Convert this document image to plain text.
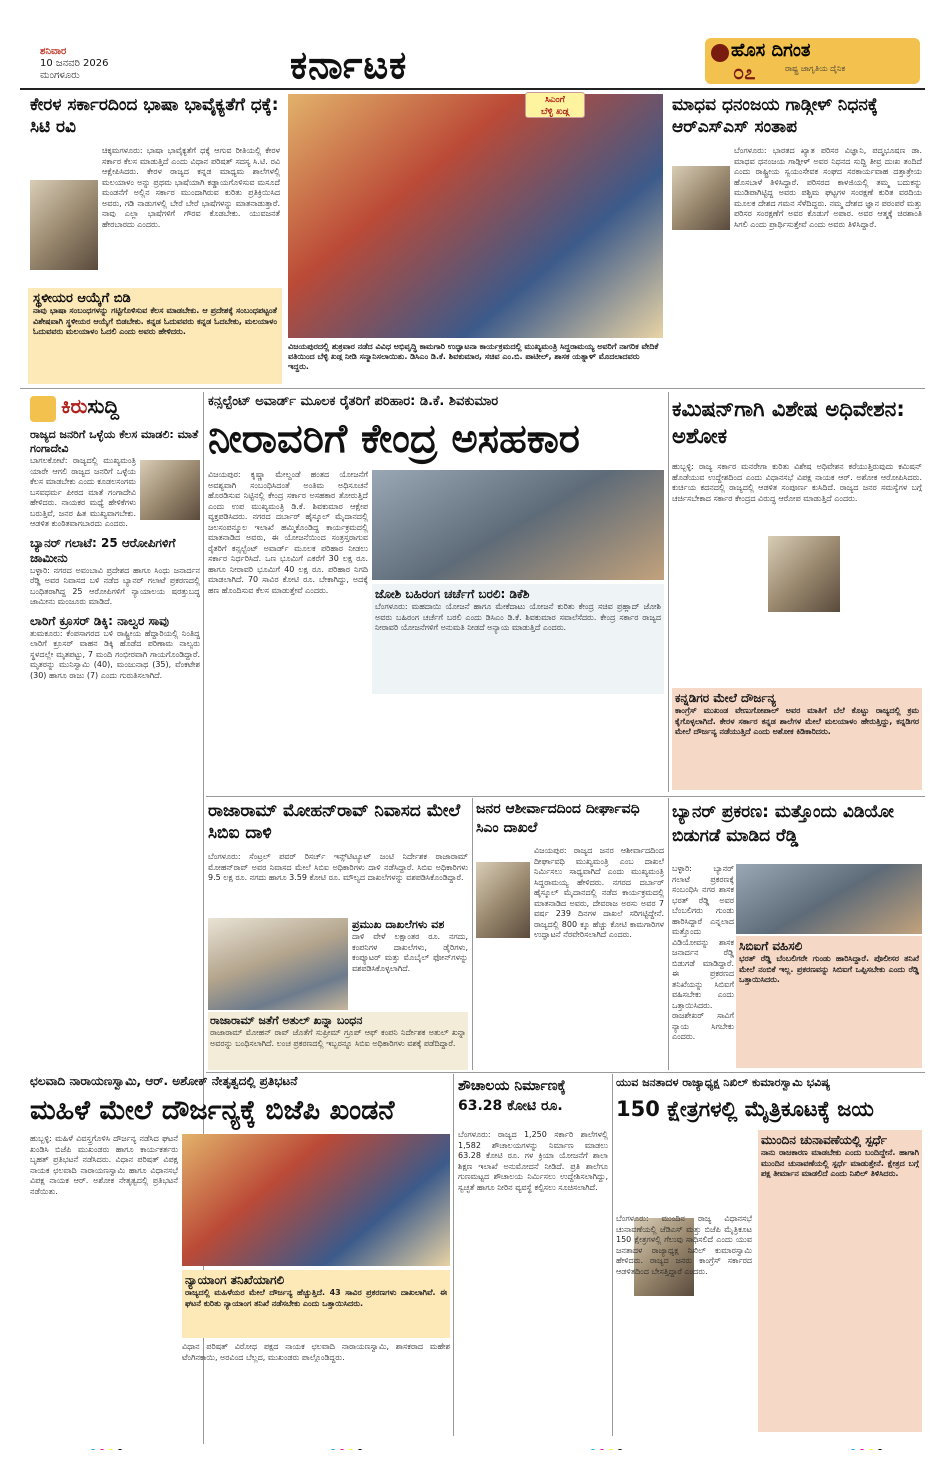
ಶನಿವಾರ
10 ಜನವರಿ 2026
ಮಂಗಳೂರು	ಕರ್ನಾಟಕ	ಹೊಸ ದಿಗಂತ
೦೭	ರಾಷ್ಟ್ರ ಜಾಗೃತಿಯ ದೈನಿಕ
ಕೇರಳ ಸರ್ಕಾರದಿಂದ ಭಾಷಾ ಭಾವೈಕ್ಯತೆಗೆ ಧಕ್ಕೆ: ಸಿಟಿ ರವಿ
ಚಿಕ್ಕಮಗಳೂರು: ಭಾಷಾ ಭಾವೈಕ್ಯತೆಗೆ ಧಕ್ಕೆ ಆಗುವ ರೀತಿಯಲ್ಲಿ ಕೇರಳ ಸರ್ಕಾರ ಕೆಲಸ ಮಾಡುತ್ತಿದೆ ಎಂದು ವಿಧಾನ ಪರಿಷತ್ ಸದಸ್ಯ ಸಿ.ಟಿ. ರವಿ ಆಕ್ಷೇಪಿಸಿದರು. ಕೇರಳ ರಾಜ್ಯದ ಕನ್ನಡ ಮಾಧ್ಯಮ ಶಾಲೆಗಳಲ್ಲಿ ಮಲಯಾಳಂ ಅನ್ನು ಪ್ರಥಮ ಭಾಷೆಯಾಗಿ ಕಡ್ಡಾಯಗೊಳಿಸುವ ಮಸೂದೆ ಮಂಡನೆಗೆ ಅಲ್ಲಿನ ಸರ್ಕಾರ ಮುಂದಾಗಿರುವ ಕುರಿತು ಪ್ರತಿಕ್ರಿಯಿಸಿದ ಅವರು, ಗಡಿ ನಾಡುಗಳಲ್ಲಿ ಬೇರೆ ಬೇರೆ ಭಾಷೆಗಳನ್ನು ಮಾತನಾಡುತ್ತಾರೆ. ನಾವು ಎಲ್ಲಾ ಭಾಷೆಗಳಿಗೆ ಗೌರವ ಕೊಡಬೇಕು. ಯುವಜನತೆ ಹೇರಬಾರದು ಎಂದರು.
ಸ್ಥಳೀಯರ ಆಯ್ಕೆಗೆ ಬಿಡಿ
ನಾವು ಭಾಷಾ ಸಂಬಂಧಗಳನ್ನು ಗಟ್ಟಿಗೊಳಿಸುವ ಕೆಲಸ ಮಾಡಬೇಕು. ಆ ಪ್ರದೇಶಕ್ಕೆ ಸಂಬಂಧಪಟ್ಟಂತೆ ವಿಶೇಷವಾಗಿ ಸ್ಥಳೀಯರ ಆಯ್ಕೆಗೆ ಬಿಡಬೇಕು. ಕನ್ನಡ ಓದುವವರು ಕನ್ನಡ ಓದಬೇಕು, ಮಲಯಾಳಂ ಓದುವವರು ಮಲಯಾಳಂ ಓದಲಿ ಎಂದು ಅವರು ಹೇಳಿದರು.
ಸಿಎಂಗೆ
ಬೆಳ್ಳಿ ಖಡ್ಗ
ವಿಜಯಪುರದಲ್ಲಿ ಶುಕ್ರವಾರ ನಡೆದ ವಿವಿಧ ಅಭಿವೃದ್ಧಿ ಕಾಮಗಾರಿ ಉದ್ಘಾಟನಾ ಕಾರ್ಯಕ್ರಮದಲ್ಲಿ ಮುಖ್ಯಮಂತ್ರಿ ಸಿದ್ದರಾಮಯ್ಯ ಅವರಿಗೆ ನಾಗರಿಕ ವೇದಿಕೆ ವತಿಯಿಂದ ಬೆಳ್ಳಿ ಖಡ್ಗ ನೀಡಿ ಸನ್ಮಾನಿಸಲಾಯಿತು. ಡಿಸಿಎಂ ಡಿ.ಕೆ. ಶಿವಕುಮಾರ, ಸಚಿವ ಎಂ.ಬಿ. ಪಾಟೀಲ್, ಶಾಸಕ ಯತ್ನಾಳ್ ಮೊದಲಾದವರು ಇದ್ದರು.
ಮಾಧವ ಧನಂಜಯ ಗಾಡ್ಗೀಳ್ ನಿಧನಕ್ಕೆ ಆರ್‌ಎಸ್‌ಎಸ್ ಸಂತಾಪ
ಬೆಂಗಳೂರು: ಭಾರತದ ಖ್ಯಾತ ಪರಿಸರ ವಿಜ್ಞಾನಿ, ಪದ್ಮಭೂಷಣ ಡಾ. ಮಾಧವ ಧನಂಜಯ ಗಾಡ್ಗೀಳ್ ಅವರ ನಿಧನದ ಸುದ್ದಿ ತೀವ್ರ ದುಃಖ ತಂದಿದೆ ಎಂದು ರಾಷ್ಟ್ರೀಯ ಸ್ವಯಂಸೇವಕ ಸಂಘದ ಸರಕಾರ್ಯವಾಹ ದತ್ತಾತ್ರೇಯ ಹೊಸಬಾಳೆ ತಿಳಿಸಿದ್ದಾರೆ. ಪರಿಸರದ ಕಾಳಜಿಯಲ್ಲಿ ತಮ್ಮ ಬದುಕನ್ನು ಮುಡಿಪಾಗಿಟ್ಟಿದ್ದ ಅವರು ಪಶ್ಚಿಮ ಘಟ್ಟಗಳ ಸಂರಕ್ಷಣೆ ಕುರಿತ ವರದಿಯ ಮೂಲಕ ದೇಶದ ಗಮನ ಸೆಳೆದಿದ್ದರು. ನಮ್ಮ ದೇಶದ ಜ್ಞಾನ ಪರಂಪರೆ ಮತ್ತು ಪರಿಸರ ಸಂರಕ್ಷಣೆಗೆ ಅವರ ಕೊಡುಗೆ ಅಪಾರ. ಅವರ ಆತ್ಮಕ್ಕೆ ಚಿರಶಾಂತಿ ಸಿಗಲಿ ಎಂದು ಪ್ರಾರ್ಥಿಸುತ್ತೇವೆ ಎಂದು ಅವರು ತಿಳಿಸಿದ್ದಾರೆ.
ಕಿರುಸುದ್ದಿ
ರಾಜ್ಯದ ಜನರಿಗೆ ಒಳ್ಳೆಯ ಕೆಲಸ ಮಾಡಲಿ: ಮಾತೆ ಗಂಗಾದೇವಿ
ಬಾಗಲಕೋಟೆ: ರಾಜ್ಯದಲ್ಲಿ ಮುಖ್ಯಮಂತ್ರಿ ಯಾರೇ ಆಗಲಿ ರಾಜ್ಯದ ಜನರಿಗೆ ಒಳ್ಳೆಯ ಕೆಲಸ ಮಾಡಬೇಕು ಎಂದು ಕೂಡಲಸಂಗಮ ಬಸವಧರ್ಮ ಪೀಠದ ಮಾತೆ ಗಂಗಾದೇವಿ ಹೇಳಿದರು. ನಾಯಕರ ಮಧ್ಯೆ ಹೇಳಿಕೆಗಳು ಬರುತ್ತಿವೆ, ಜನರ ಹಿತ ಮುಖ್ಯವಾಗಬೇಕು. ಆಡಳಿತ ಕುಂಠಿತವಾಗಬಾರದು ಎಂದರು.
ಬ್ಯಾನರ್ ಗಲಾಟೆ: 25 ಆರೋಪಿಗಳಿಗೆ ಜಾಮೀನು
ಬಳ್ಳಾರಿ: ನಗರದ ಅವಂಬಾವಿ ಪ್ರದೇಶದ ಹಾಗೂ ಸಿಂಧು ಜನಾರ್ದನ ರೆಡ್ಡಿ ಅವರ ನಿವಾಸದ ಬಳಿ ನಡೆದ ಬ್ಯಾನರ್ ಗಲಾಟೆ ಪ್ರಕರಣದಲ್ಲಿ ಬಂಧಿತರಾಗಿದ್ದ 25 ಆರೋಪಿಗಳಿಗೆ ನ್ಯಾಯಾಲಯ ಷರತ್ತುಬದ್ಧ ಜಾಮೀನು ಮಂಜೂರು ಮಾಡಿದೆ.
ಲಾರಿಗೆ ಕ್ರೂಸರ್ ಡಿಕ್ಕಿ: ನಾಲ್ವರ ಸಾವು
ತುಮಕೂರು: ಕೆಂಪಸಾಗರದ ಬಳಿ ರಾಷ್ಟ್ರೀಯ ಹೆದ್ದಾರಿಯಲ್ಲಿ ನಿಂತಿದ್ದ ಲಾರಿಗೆ ಕ್ರೂಸರ್ ವಾಹನ ಡಿಕ್ಕಿ ಹೊಡೆದ ಪರಿಣಾಮ ನಾಲ್ವರು ಸ್ಥಳದಲ್ಲೇ ಮೃತಪಟ್ಟು, 7 ಮಂದಿ ಗಂಭೀರವಾಗಿ ಗಾಯಗೊಂಡಿದ್ದಾರೆ. ಮೃತರನ್ನು ಮುನಿಸ್ವಾಮಿ (40), ಮಂಜುನಾಥ (35), ವೆಂಕಟೇಶ (30) ಹಾಗೂ ರಾಜು (7) ಎಂದು ಗುರುತಿಸಲಾಗಿದೆ.
ಕನ್ಸಲ್ಟೆಂಟ್ ಅವಾರ್ಡ್ ಮೂಲಕ ರೈತರಿಗೆ ಪರಿಹಾರ: ಡಿ.ಕೆ. ಶಿವಕುಮಾರ
ನೀರಾವರಿಗೆ ಕೇಂದ್ರ ಅಸಹಕಾರ
ವಿಜಯಪುರ: ಕೃಷ್ಣಾ ಮೇಲ್ದಂಡೆ ಹಂತದ ಯೋಜನೆಗೆ ಅವಶ್ಯವಾಗಿ ಸಂಬಂಧಿಸಿದಂತೆ ಅಂತಿಮ ಅಧಿಸೂಚನೆ ಹೊರಡಿಸುವ ನಿಟ್ಟಿನಲ್ಲಿ ಕೇಂದ್ರ ಸರ್ಕಾರ ಅಸಹಕಾರ ತೋರುತ್ತಿದೆ ಎಂದು ಉಪ ಮುಖ್ಯಮಂತ್ರಿ ಡಿ.ಕೆ. ಶಿವಕುಮಾರ ಆಕ್ಷೇಪ ವ್ಯಕ್ತಪಡಿಸಿದರು. ನಗರದ ದರ್ಬಾರ್ ಹೈಸ್ಕೂಲ್ ಮೈದಾನದಲ್ಲಿ ಜಲಸಂಪನ್ಮೂಲ ಇಲಾಖೆ ಹಮ್ಮಿಕೊಂಡಿದ್ದ ಕಾರ್ಯಕ್ರಮದಲ್ಲಿ ಮಾತನಾಡಿದ ಅವರು, ಈ ಯೋಜನೆಯಿಂದ ಸಂತ್ರಸ್ತರಾಗುವ ರೈತರಿಗೆ ಕನ್ಸಲ್ಟೆಂಟ್ ಅವಾರ್ಡ್ ಮೂಲಕ ಪರಿಹಾರ ನೀಡಲು ಸರ್ಕಾರ ನಿರ್ಧರಿಸಿದೆ. ಒಣ ಭೂಮಿಗೆ ಎಕರೆಗೆ 30 ಲಕ್ಷ ರೂ. ಹಾಗೂ ನೀರಾವರಿ ಭೂಮಿಗೆ 40 ಲಕ್ಷ ರೂ. ಪರಿಹಾರ ನಿಗದಿ ಮಾಡಲಾಗಿದೆ. 70 ಸಾವಿರ ಕೋಟಿ ರೂ. ಬೇಕಾಗಿದ್ದು, ಅದಕ್ಕೆ ಹಣ ಹೊಂದಿಸುವ ಕೆಲಸ ಮಾಡುತ್ತೇವೆ ಎಂದರು.	ಜೋಶಿ ಬಹಿರಂಗ ಚರ್ಚೆಗೆ ಬರಲಿ: ಡಿಕೆಶಿ
ಬೆಂಗಳೂರು: ಮಹದಾಯಿ ಯೋಜನೆ ಹಾಗೂ ಮೇಕೆದಾಟು ಯೋಜನೆ ಕುರಿತು ಕೇಂದ್ರ ಸಚಿವ ಪ್ರಹ್ಲಾದ್ ಜೋಶಿ ಅವರು ಬಹಿರಂಗ ಚರ್ಚೆಗೆ ಬರಲಿ ಎಂದು ಡಿಸಿಎಂ ಡಿ.ಕೆ. ಶಿವಕುಮಾರ ಸವಾಲೆಸೆದರು. ಕೇಂದ್ರ ಸರ್ಕಾರ ರಾಜ್ಯದ ನೀರಾವರಿ ಯೋಜನೆಗಳಿಗೆ ಅನುಮತಿ ನೀಡದೆ ಅನ್ಯಾಯ ಮಾಡುತ್ತಿದೆ ಎಂದರು.
ಕಮಿಷನ್‌ಗಾಗಿ ವಿಶೇಷ ಅಧಿವೇಶನ: ಅಶೋಕ
ಹುಬ್ಬಳ್ಳಿ: ರಾಜ್ಯ ಸರ್ಕಾರ ಮನರೇಗಾ ಕುರಿತು ವಿಶೇಷ ಅಧಿವೇಶನ ಕರೆಯುತ್ತಿರುವುದು ಕಮಿಷನ್ ಹೊಡೆಯುವ ಉದ್ದೇಶದಿಂದ ಎಂದು ವಿಧಾನಸಭೆ ವಿಪಕ್ಷ ನಾಯಕ ಆರ್. ಅಶೋಕ ಆರೋಪಿಸಿದರು. ಕುರ್ಚಿಯ ಕದನದಲ್ಲಿ ರಾಜ್ಯದಲ್ಲಿ ಆಡಳಿತ ಸಂಪೂರ್ಣ ಕುಸಿದಿದೆ. ರಾಜ್ಯದ ಜನರ ಸಮಸ್ಯೆಗಳ ಬಗ್ಗೆ ಚರ್ಚಿಸಬೇಕಾದ ಸರ್ಕಾರ ಕೇಂದ್ರದ ವಿರುದ್ಧ ಆರೋಪ ಮಾಡುತ್ತಿದೆ ಎಂದರು.
ಕನ್ನಡಿಗರ ಮೇಲೆ ದೌರ್ಜನ್ಯ
ಕಾಂಗ್ರೆಸ್ ಮುಖಂಡ ವೇಣುಗೋಪಾಲ್ ಅವರ ಮಾತಿಗೆ ಬೆಲೆ ಕೊಟ್ಟು ರಾಜ್ಯದಲ್ಲಿ ಕ್ರಮ ಕೈಗೊಳ್ಳಲಾಗಿದೆ. ಕೇರಳ ಸರ್ಕಾರ ಕನ್ನಡ ಶಾಲೆಗಳ ಮೇಲೆ ಮಲಯಾಳಂ ಹೇರುತ್ತಿದ್ದು, ಕನ್ನಡಿಗರ ಮೇಲೆ ದೌರ್ಜನ್ಯ ನಡೆಯುತ್ತಿದೆ ಎಂದು ಅಶೋಕ ಕಿಡಿಕಾರಿದರು.
ರಾಜಾರಾಮ್ ಮೋಹನ್‌ರಾವ್ ನಿವಾಸದ ಮೇಲೆ ಸಿಬಿಐ ದಾಳಿ
ಬೆಂಗಳೂರು: ಸೆಂಟ್ರಲ್ ಪವರ್ ರಿಸರ್ಚ್ ಇನ್ಸ್‌ಟಿಟ್ಯೂಟ್ ಜಂಟಿ ನಿರ್ದೇಶಕ ರಾಜಾರಾಮ್ ಮೋಹನ್‌ರಾವ್ ಅವರ ನಿವಾಸದ ಮೇಲೆ ಸಿಬಿಐ ಅಧಿಕಾರಿಗಳು ದಾಳಿ ನಡೆಸಿದ್ದಾರೆ. ಸಿಬಿಐ ಅಧಿಕಾರಿಗಳು 9.5 ಲಕ್ಷ ರೂ. ನಗದು ಹಾಗೂ 3.59 ಕೋಟಿ ರೂ. ಮೌಲ್ಯದ ದಾಖಲೆಗಳನ್ನು ವಶಪಡಿಸಿಕೊಂಡಿದ್ದಾರೆ.
ಪ್ರಮುಖ ದಾಖಲೆಗಳು ವಶ
ದಾಳಿ ವೇಳೆ ಲಕ್ಷಾಂತರ ರೂ. ನಗದು, ಕಂಪನಿಗಳ ದಾಖಲೆಗಳು, ಡೈರಿಗಳು, ಕಂಪ್ಯೂಟರ್ ಮತ್ತು ಮೊಬೈಲ್ ಫೋನ್‌ಗಳನ್ನು ವಶಪಡಿಸಿಕೊಳ್ಳಲಾಗಿದೆ.
ರಾಜಾರಾಮ್ ಜತೆಗೆ ಅತುಲ್ ಖನ್ನಾ ಬಂಧನ
ರಾಜಾರಾಮ್ ಮೋಹನ್ ರಾವ್ ಜೊತೆಗೆ ಸುಪ್ರೀಮ್ ಗ್ರೂಪ್ ಆಫ್ ಕಂಪನಿ ನಿರ್ದೇಶಕ ಅತುಲ್ ಖನ್ನಾ ಅವರನ್ನು ಬಂಧಿಸಲಾಗಿದೆ. ಲಂಚ ಪ್ರಕರಣದಲ್ಲಿ ಇಬ್ಬರನ್ನೂ ಸಿಬಿಐ ಅಧಿಕಾರಿಗಳು ವಶಕ್ಕೆ ಪಡೆದಿದ್ದಾರೆ.
ಜನರ ಆಶೀರ್ವಾದದಿಂದ ದೀರ್ಘಾವಧಿ ಸಿಎಂ ದಾಖಲೆ
ವಿಜಯಪುರ: ರಾಜ್ಯದ ಜನರ ಆಶೀರ್ವಾದದಿಂದ ದೀರ್ಘಾವಧಿ ಮುಖ್ಯಮಂತ್ರಿ ಎಂಬ ದಾಖಲೆ ನಿರ್ಮಿಸಲು ಸಾಧ್ಯವಾಗಿದೆ ಎಂದು ಮುಖ್ಯಮಂತ್ರಿ ಸಿದ್ದರಾಮಯ್ಯ ಹೇಳಿದರು. ನಗರದ ದರ್ಬಾರ್ ಹೈಸ್ಕೂಲ್ ಮೈದಾನದಲ್ಲಿ ನಡೆದ ಕಾರ್ಯಕ್ರಮದಲ್ಲಿ ಮಾತನಾಡಿದ ಅವರು, ದೇವರಾಜ ಅರಸು ಅವರ 7 ವರ್ಷ 239 ದಿನಗಳ ದಾಖಲೆ ಸರಿಗಟ್ಟಿದ್ದೇನೆ. ರಾಜ್ಯದಲ್ಲಿ 800 ಕ್ಕೂ ಹೆಚ್ಚು ಕೋಟಿ ಕಾಮಗಾರಿಗಳ ಉದ್ಘಾಟನೆ ನೆರವೇರಿಸಲಾಗಿದೆ ಎಂದರು.
ಬ್ಯಾನರ್ ಪ್ರಕರಣ: ಮತ್ತೊಂದು ವಿಡಿಯೋ ಬಿಡುಗಡೆ ಮಾಡಿದ ರೆಡ್ಡಿ
ಬಳ್ಳಾರಿ: ಬ್ಯಾನರ್ ಗಲಾಟೆ ಪ್ರಕರಣಕ್ಕೆ ಸಂಬಂಧಿಸಿ ನಗರ ಶಾಸಕ ಭರತ್ ರೆಡ್ಡಿ ಅವರ ಬೆಂಬಲಿಗರು ಗುಂಡು ಹಾರಿಸಿದ್ದಾರೆ ಎನ್ನಲಾದ ಮತ್ತೊಂದು ವಿಡಿಯೋವನ್ನು ಶಾಸಕ ಜನಾರ್ದನ ರೆಡ್ಡಿ ಬಿಡುಗಡೆ ಮಾಡಿದ್ದಾರೆ. ಈ ಪ್ರಕರಣದ ತನಿಖೆಯನ್ನು ಸಿಬಿಐಗೆ ವಹಿಸಬೇಕು ಎಂದು ಒತ್ತಾಯಿಸಿದರು. ರಾಜಶೇಖರ್ ಸಾವಿಗೆ ನ್ಯಾಯ ಸಿಗಬೇಕು ಎಂದರು.
ಸಿಬಿಐಗೆ ವಹಿಸಲಿ
ಭರತ್ ರೆಡ್ಡಿ ಬೆಂಬಲಿಗರೇ ಗುಂಡು ಹಾರಿಸಿದ್ದಾರೆ. ಪೊಲೀಸರ ತನಿಖೆ ಮೇಲೆ ನಂಬಿಕೆ ಇಲ್ಲ. ಪ್ರಕರಣವನ್ನು ಸಿಬಿಐಗೆ ಒಪ್ಪಿಸಬೇಕು ಎಂದು ರೆಡ್ಡಿ ಒತ್ತಾಯಿಸಿದರು.
ಛಲವಾದಿ ನಾರಾಯಣಸ್ವಾಮಿ, ಆರ್. ಅಶೋಕ್ ನೇತೃತ್ವದಲ್ಲಿ ಪ್ರತಿಭಟನೆ
ಮಹಿಳೆ ಮೇಲೆ ದೌರ್ಜನ್ಯಕ್ಕೆ ಬಿಜೆಪಿ ಖಂಡನೆ
ಹುಬ್ಬಳ್ಳಿ: ಮಹಿಳೆ ವಿವಸ್ತ್ರಗೊಳಿಸಿ ದೌರ್ಜನ್ಯ ನಡೆಸಿದ ಘಟನೆ ಖಂಡಿಸಿ ಬಿಜೆಪಿ ಮುಖಂಡರು ಹಾಗೂ ಕಾರ್ಯಕರ್ತರು ಬೃಹತ್ ಪ್ರತಿಭಟನೆ ನಡೆಸಿದರು. ವಿಧಾನ ಪರಿಷತ್ ವಿಪಕ್ಷ ನಾಯಕ ಛಲವಾದಿ ನಾರಾಯಣಸ್ವಾಮಿ ಹಾಗೂ ವಿಧಾನಸಭೆ ವಿಪಕ್ಷ ನಾಯಕ ಆರ್. ಅಶೋಕ ನೇತೃತ್ವದಲ್ಲಿ ಪ್ರತಿಭಟನೆ ನಡೆಯಿತು.
ನ್ಯಾಯಾಂಗ ತನಿಖೆಯಾಗಲಿ
ರಾಜ್ಯದಲ್ಲಿ ಮಹಿಳೆಯರ ಮೇಲೆ ದೌರ್ಜನ್ಯ ಹೆಚ್ಚುತ್ತಿದೆ. 43 ಸಾವಿರ ಪ್ರಕರಣಗಳು ದಾಖಲಾಗಿವೆ. ಈ ಘಟನೆ ಕುರಿತು ನ್ಯಾಯಾಂಗ ತನಿಖೆ ನಡೆಸಬೇಕು ಎಂದು ಒತ್ತಾಯಿಸಿದರು.
ವಿಧಾನ ಪರಿಷತ್ ವಿರೋಧ ಪಕ್ಷದ ನಾಯಕ ಛಲವಾದಿ ನಾರಾಯಣಸ್ವಾಮಿ, ಶಾಸಕರಾದ ಮಹೇಶ ಟೆಂಗಿನಕಾಯಿ, ಅರವಿಂದ ಬೆಲ್ಲದ, ಮುಖಂಡರು ಪಾಲ್ಗೊಂಡಿದ್ದರು.
ಶೌಚಾಲಯ ನಿರ್ಮಾಣಕ್ಕೆ 63.28 ಕೋಟಿ ರೂ.
ಬೆಂಗಳೂರು: ರಾಜ್ಯದ 1,250 ಸರ್ಕಾರಿ ಶಾಲೆಗಳಲ್ಲಿ 1,582 ಶೌಚಾಲಯಗಳನ್ನು ನಿರ್ಮಾಣ ಮಾಡಲು 63.28 ಕೋಟಿ ರೂ. ಗಳ ಕ್ರಿಯಾ ಯೋಜನೆಗೆ ಶಾಲಾ ಶಿಕ್ಷಣ ಇಲಾಖೆ ಅನುಮೋದನೆ ನೀಡಿದೆ. ಪ್ರತಿ ಶಾಲೆಗೂ ಗುಣಮಟ್ಟದ ಶೌಚಾಲಯ ನಿರ್ಮಿಸಲು ಉದ್ದೇಶಿಸಲಾಗಿದ್ದು, ಸ್ವಚ್ಛತೆ ಹಾಗೂ ನೀರಿನ ವ್ಯವಸ್ಥೆ ಕಲ್ಪಿಸಲು ಸೂಚಿಸಲಾಗಿದೆ.
ಯುವ ಜನತಾದಳ ರಾಜ್ಯಾಧ್ಯಕ್ಷ ನಿಖಿಲ್ ಕುಮಾರಸ್ವಾಮಿ ಭವಿಷ್ಯ
150 ಕ್ಷೇತ್ರಗಳಲ್ಲಿ ಮೈತ್ರಿಕೂಟಕ್ಕೆ ಜಯ
ಬೆಂಗಳೂರು: ಮುಂದಿನ ರಾಜ್ಯ ವಿಧಾನಸಭೆ ಚುನಾವಣೆಯಲ್ಲಿ ಜೆಡಿಎಸ್ ಮತ್ತು ಬಿಜೆಪಿ ಮೈತ್ರಿಕೂಟ 150 ಕ್ಷೇತ್ರಗಳಲ್ಲಿ ಗೆಲುವು ಸಾಧಿಸಲಿದೆ ಎಂದು ಯುವ ಜನತಾದಳ ರಾಜ್ಯಾಧ್ಯಕ್ಷ ನಿಖಿಲ್ ಕುಮಾರಸ್ವಾಮಿ ಹೇಳಿದರು. ರಾಜ್ಯದ ಜನರು ಕಾಂಗ್ರೆಸ್ ಸರ್ಕಾರದ ಆಡಳಿತದಿಂದ ಬೇಸತ್ತಿದ್ದಾರೆ ಎಂದರು.
ಮುಂದಿನ ಚುನಾವಣೆಯಲ್ಲಿ ಸ್ಪರ್ಧೆ
ನಾನು ರಾಜಕಾರಣ ಮಾಡಬೇಕು ಎಂದು ಬಂದಿದ್ದೇನೆ. ಹಾಗಾಗಿ ಮುಂದಿನ ಚುನಾವಣೆಯಲ್ಲಿ ಸ್ಪರ್ಧೆ ಮಾಡುತ್ತೇನೆ. ಕ್ಷೇತ್ರದ ಬಗ್ಗೆ ಪಕ್ಷ ತೀರ್ಮಾನ ಮಾಡಲಿದೆ ಎಂದು ನಿಖಿಲ್ ತಿಳಿಸಿದರು.
